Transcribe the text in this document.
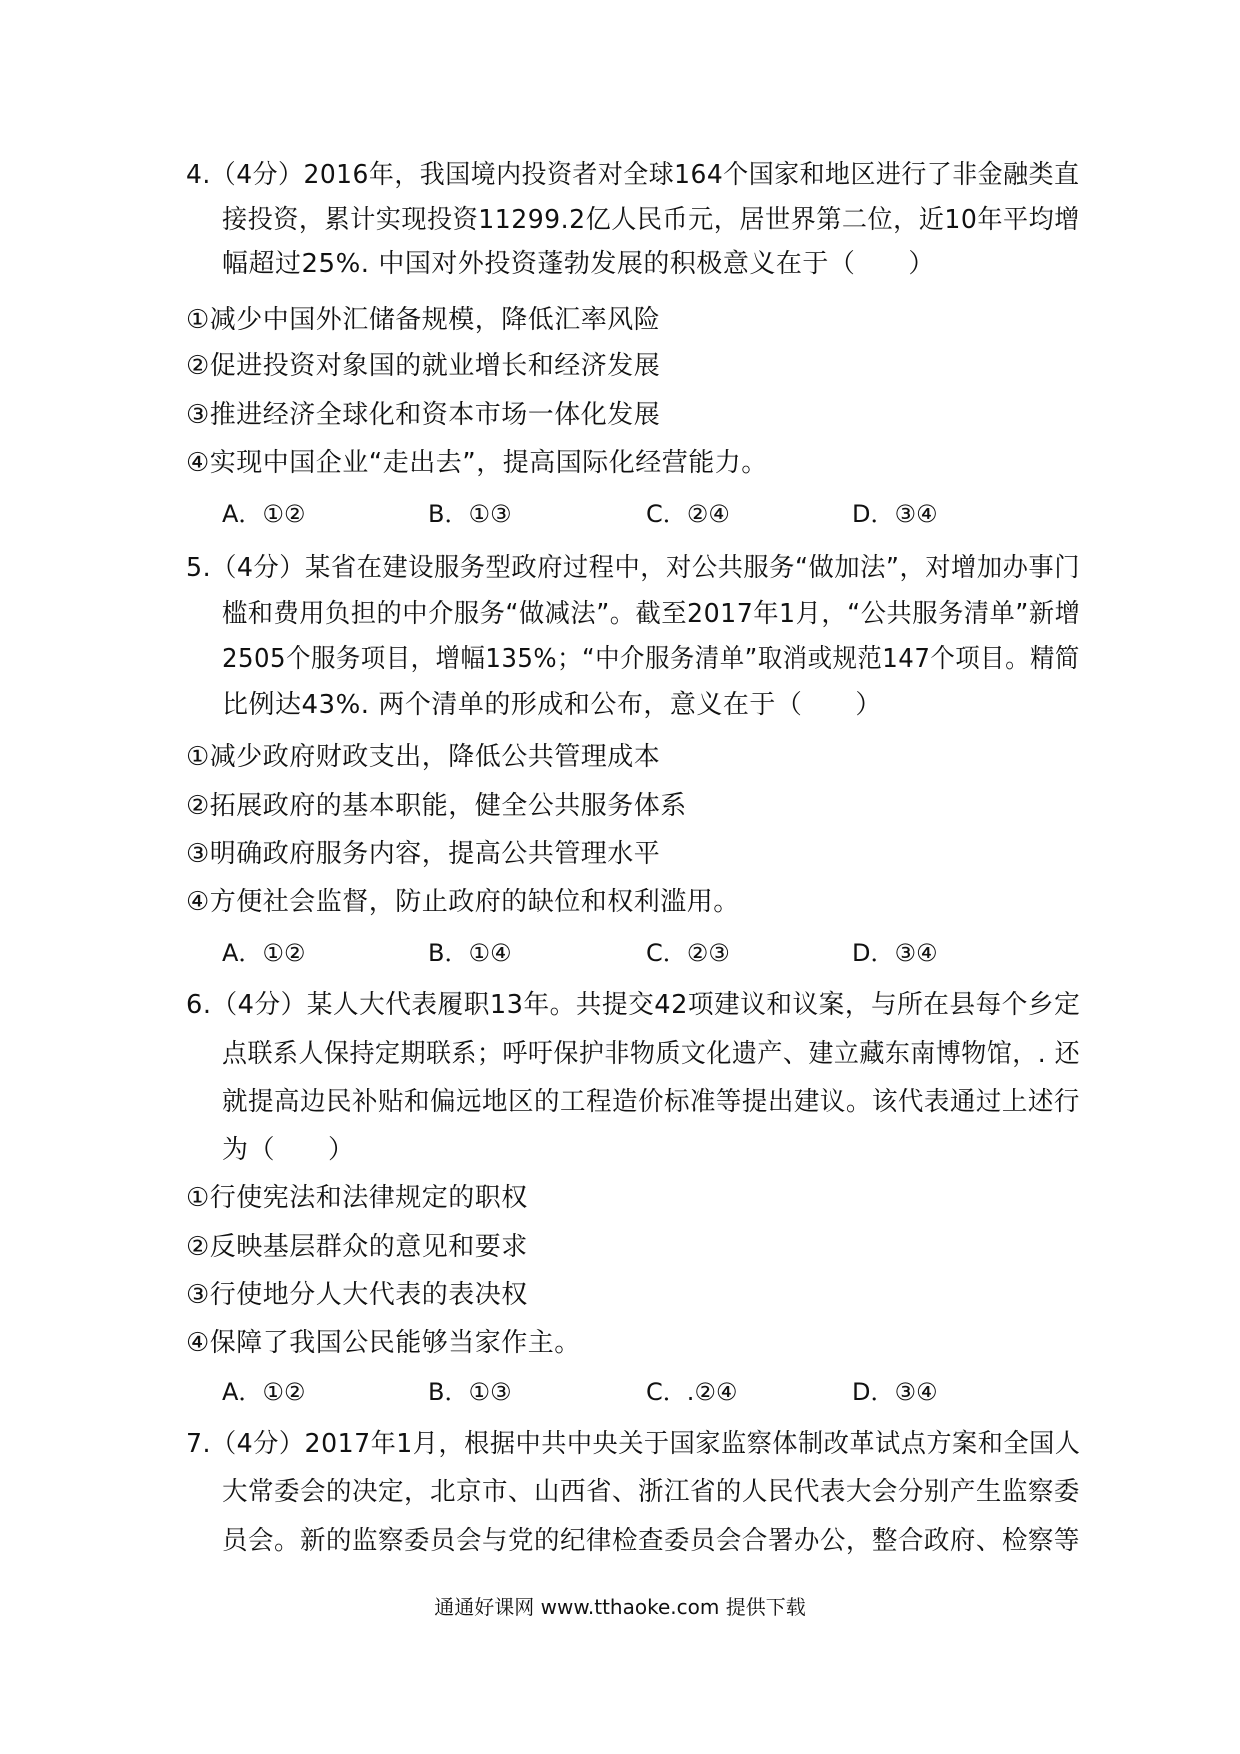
4.（4分）2016年，我国境内投资者对全球164个国家和地区进行了非金融类直
接投资，累计实现投资11299.2亿人民币元，居世界第二位，近10年平均增
幅超过25%. 中国对外投资蓬勃发展的积极意义在于（　　）
①减少中国外汇储备规模，降低汇率风险
②促进投资对象国的就业增长和经济发展
③推进经济全球化和资本市场一体化发展
④实现中国企业“走出去”，提高国际化经营能力。
A．①②	B．①③	C．②④	D．③④
5.（4分）某省在建设服务型政府过程中，对公共服务“做加法”，对增加办事门
槛和费用负担的中介服务“做减法”。截至2017年1月，“公共服务清单”新增
2505个服务项目，增幅135%；“中介服务清单”取消或规范147个项目。精简
比例达43%. 两个清单的形成和公布，意义在于（　　）
①减少政府财政支出，降低公共管理成本
②拓展政府的基本职能，健全公共服务体系
③明确政府服务内容，提高公共管理水平
④方便社会监督，防止政府的缺位和权利滥用。
A．①②	B．①④	C．②③	D．③④
6.（4分）某人大代表履职13年。共提交42项建议和议案，与所在县每个乡定
点联系人保持定期联系；呼吁保护非物质文化遗产、建立藏东南博物馆，. 还
就提高边民补贴和偏远地区的工程造价标准等提出建议。该代表通过上述行
为（　　）
①行使宪法和法律规定的职权
②反映基层群众的意见和要求
③行使地分人大代表的表决权
④保障了我国公民能够当家作主。
A．①②	B．①③	C．.②④	D．③④
7.（4分）2017年1月，根据中共中央关于国家监察体制改革试点方案和全国人
大常委会的决定，北京市、山西省、浙江省的人民代表大会分别产生监察委
员会。新的监察委员会与党的纪律检查委员会合署办公，整合政府、检察等
通通好课网 www.tthaoke.com 提供下载
